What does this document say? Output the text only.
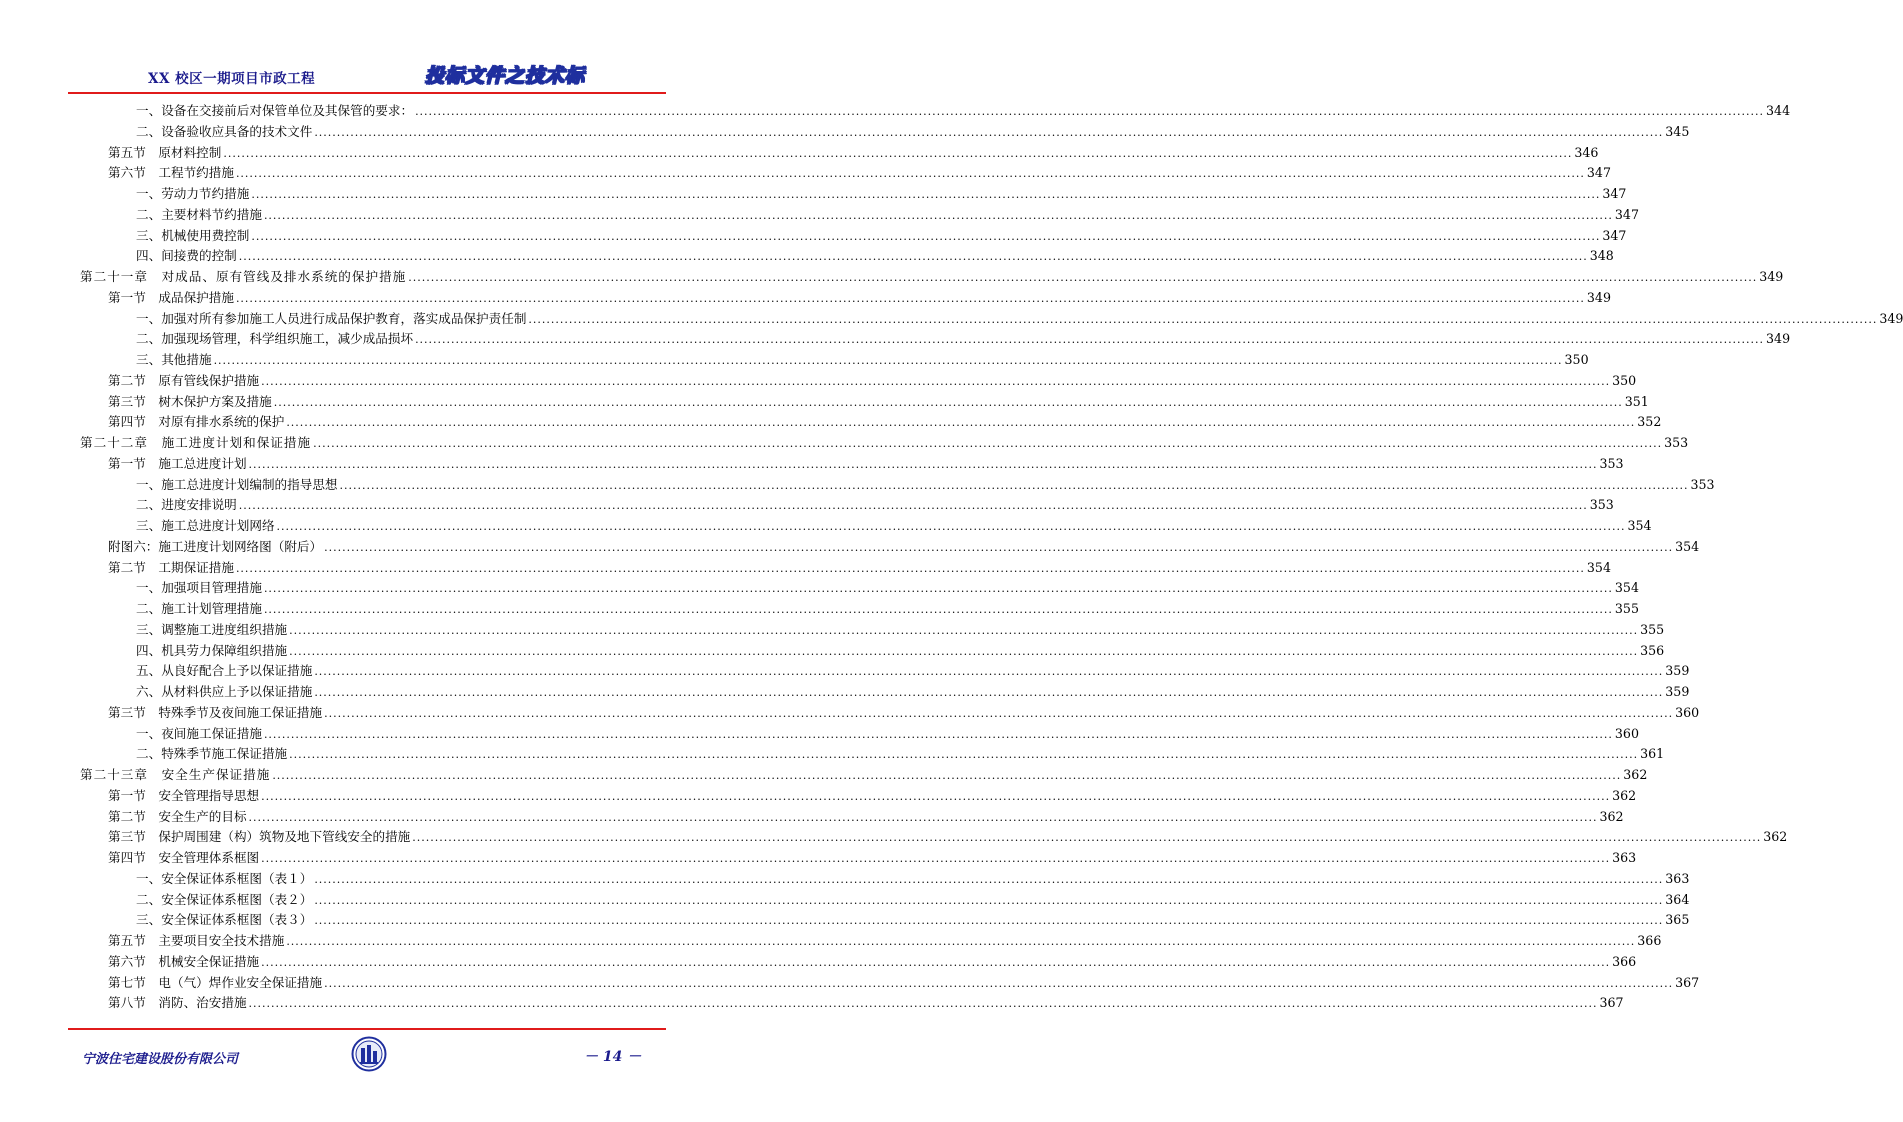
XX 校区一期项目市政工程	投标文件之技术标
一、设备在交接前后对保管单位及其保管的要求： ............................................................................................................................................................................................................................................................................................................ 344
二、设备验收应具备的技术文件 ............................................................................................................................................................................................................................................................................................................ 345
第五节　原材料控制 ............................................................................................................................................................................................................................................................................................................ 346
第六节　工程节约措施 ............................................................................................................................................................................................................................................................................................................ 347
一、劳动力节约措施 ............................................................................................................................................................................................................................................................................................................ 347
二、主要材料节约措施 ............................................................................................................................................................................................................................................................................................................ 347
三、机械使用费控制 ............................................................................................................................................................................................................................................................................................................ 347
四、间接费的控制 ............................................................................................................................................................................................................................................................................................................ 348
第二十一章　对成品、原有管线及排水系统的保护措施 ............................................................................................................................................................................................................................................................................................................ 349
第一节　成品保护措施 ............................................................................................................................................................................................................................................................................................................ 349
一、加强对所有参加施工人员进行成品保护教育，落实成品保护责任制 ............................................................................................................................................................................................................................................................................................................ 349
二、加强现场管理，科学组织施工，减少成品损坏 ............................................................................................................................................................................................................................................................................................................ 349
三、其他措施 ............................................................................................................................................................................................................................................................................................................ 350
第二节　原有管线保护措施 ............................................................................................................................................................................................................................................................................................................ 350
第三节　树木保护方案及措施 ............................................................................................................................................................................................................................................................................................................ 351
第四节　对原有排水系统的保护 ............................................................................................................................................................................................................................................................................................................ 352
第二十二章　施工进度计划和保证措施 ............................................................................................................................................................................................................................................................................................................ 353
第一节　施工总进度计划 ............................................................................................................................................................................................................................................................................................................ 353
一、施工总进度计划编制的指导思想 ............................................................................................................................................................................................................................................................................................................ 353
二、进度安排说明 ............................................................................................................................................................................................................................................................................................................ 353
三、施工总进度计划网络 ............................................................................................................................................................................................................................................................................................................ 354
附图六：施工进度计划网络图（附后） ............................................................................................................................................................................................................................................................................................................ 354
第二节　工期保证措施 ............................................................................................................................................................................................................................................................................................................ 354
一、加强项目管理措施 ............................................................................................................................................................................................................................................................................................................ 354
二、施工计划管理措施 ............................................................................................................................................................................................................................................................................................................ 355
三、调整施工进度组织措施 ............................................................................................................................................................................................................................................................................................................ 355
四、机具劳力保障组织措施 ............................................................................................................................................................................................................................................................................................................ 356
五、从良好配合上予以保证措施 ............................................................................................................................................................................................................................................................................................................ 359
六、从材料供应上予以保证措施 ............................................................................................................................................................................................................................................................................................................ 359
第三节　特殊季节及夜间施工保证措施 ............................................................................................................................................................................................................................................................................................................ 360
一、夜间施工保证措施 ............................................................................................................................................................................................................................................................................................................ 360
二、特殊季节施工保证措施 ............................................................................................................................................................................................................................................................................................................ 361
第二十三章　安全生产保证措施 ............................................................................................................................................................................................................................................................................................................ 362
第一节　安全管理指导思想 ............................................................................................................................................................................................................................................................................................................ 362
第二节　安全生产的目标 ............................................................................................................................................................................................................................................................................................................ 362
第三节　保护周围建（构）筑物及地下管线安全的措施 ............................................................................................................................................................................................................................................................................................................ 362
第四节　安全管理体系框图 ............................................................................................................................................................................................................................................................................................................ 363
一、安全保证体系框图（表１） ............................................................................................................................................................................................................................................................................................................ 363
二、安全保证体系框图（表２） ............................................................................................................................................................................................................................................................................................................ 364
三、安全保证体系框图（表３） ............................................................................................................................................................................................................................................................................................................ 365
第五节　主要项目安全技术措施 ............................................................................................................................................................................................................................................................................................................ 366
第六节　机械安全保证措施 ............................................................................................................................................................................................................................................................................................................ 366
第七节　电（气）焊作业安全保证措施 ............................................................................................................................................................................................................................................................................................................ 367
第八节　消防、治安措施 ............................................................................................................................................................................................................................................................................................................ 367
宁波住宅建设股份有限公司	－ 14 －
